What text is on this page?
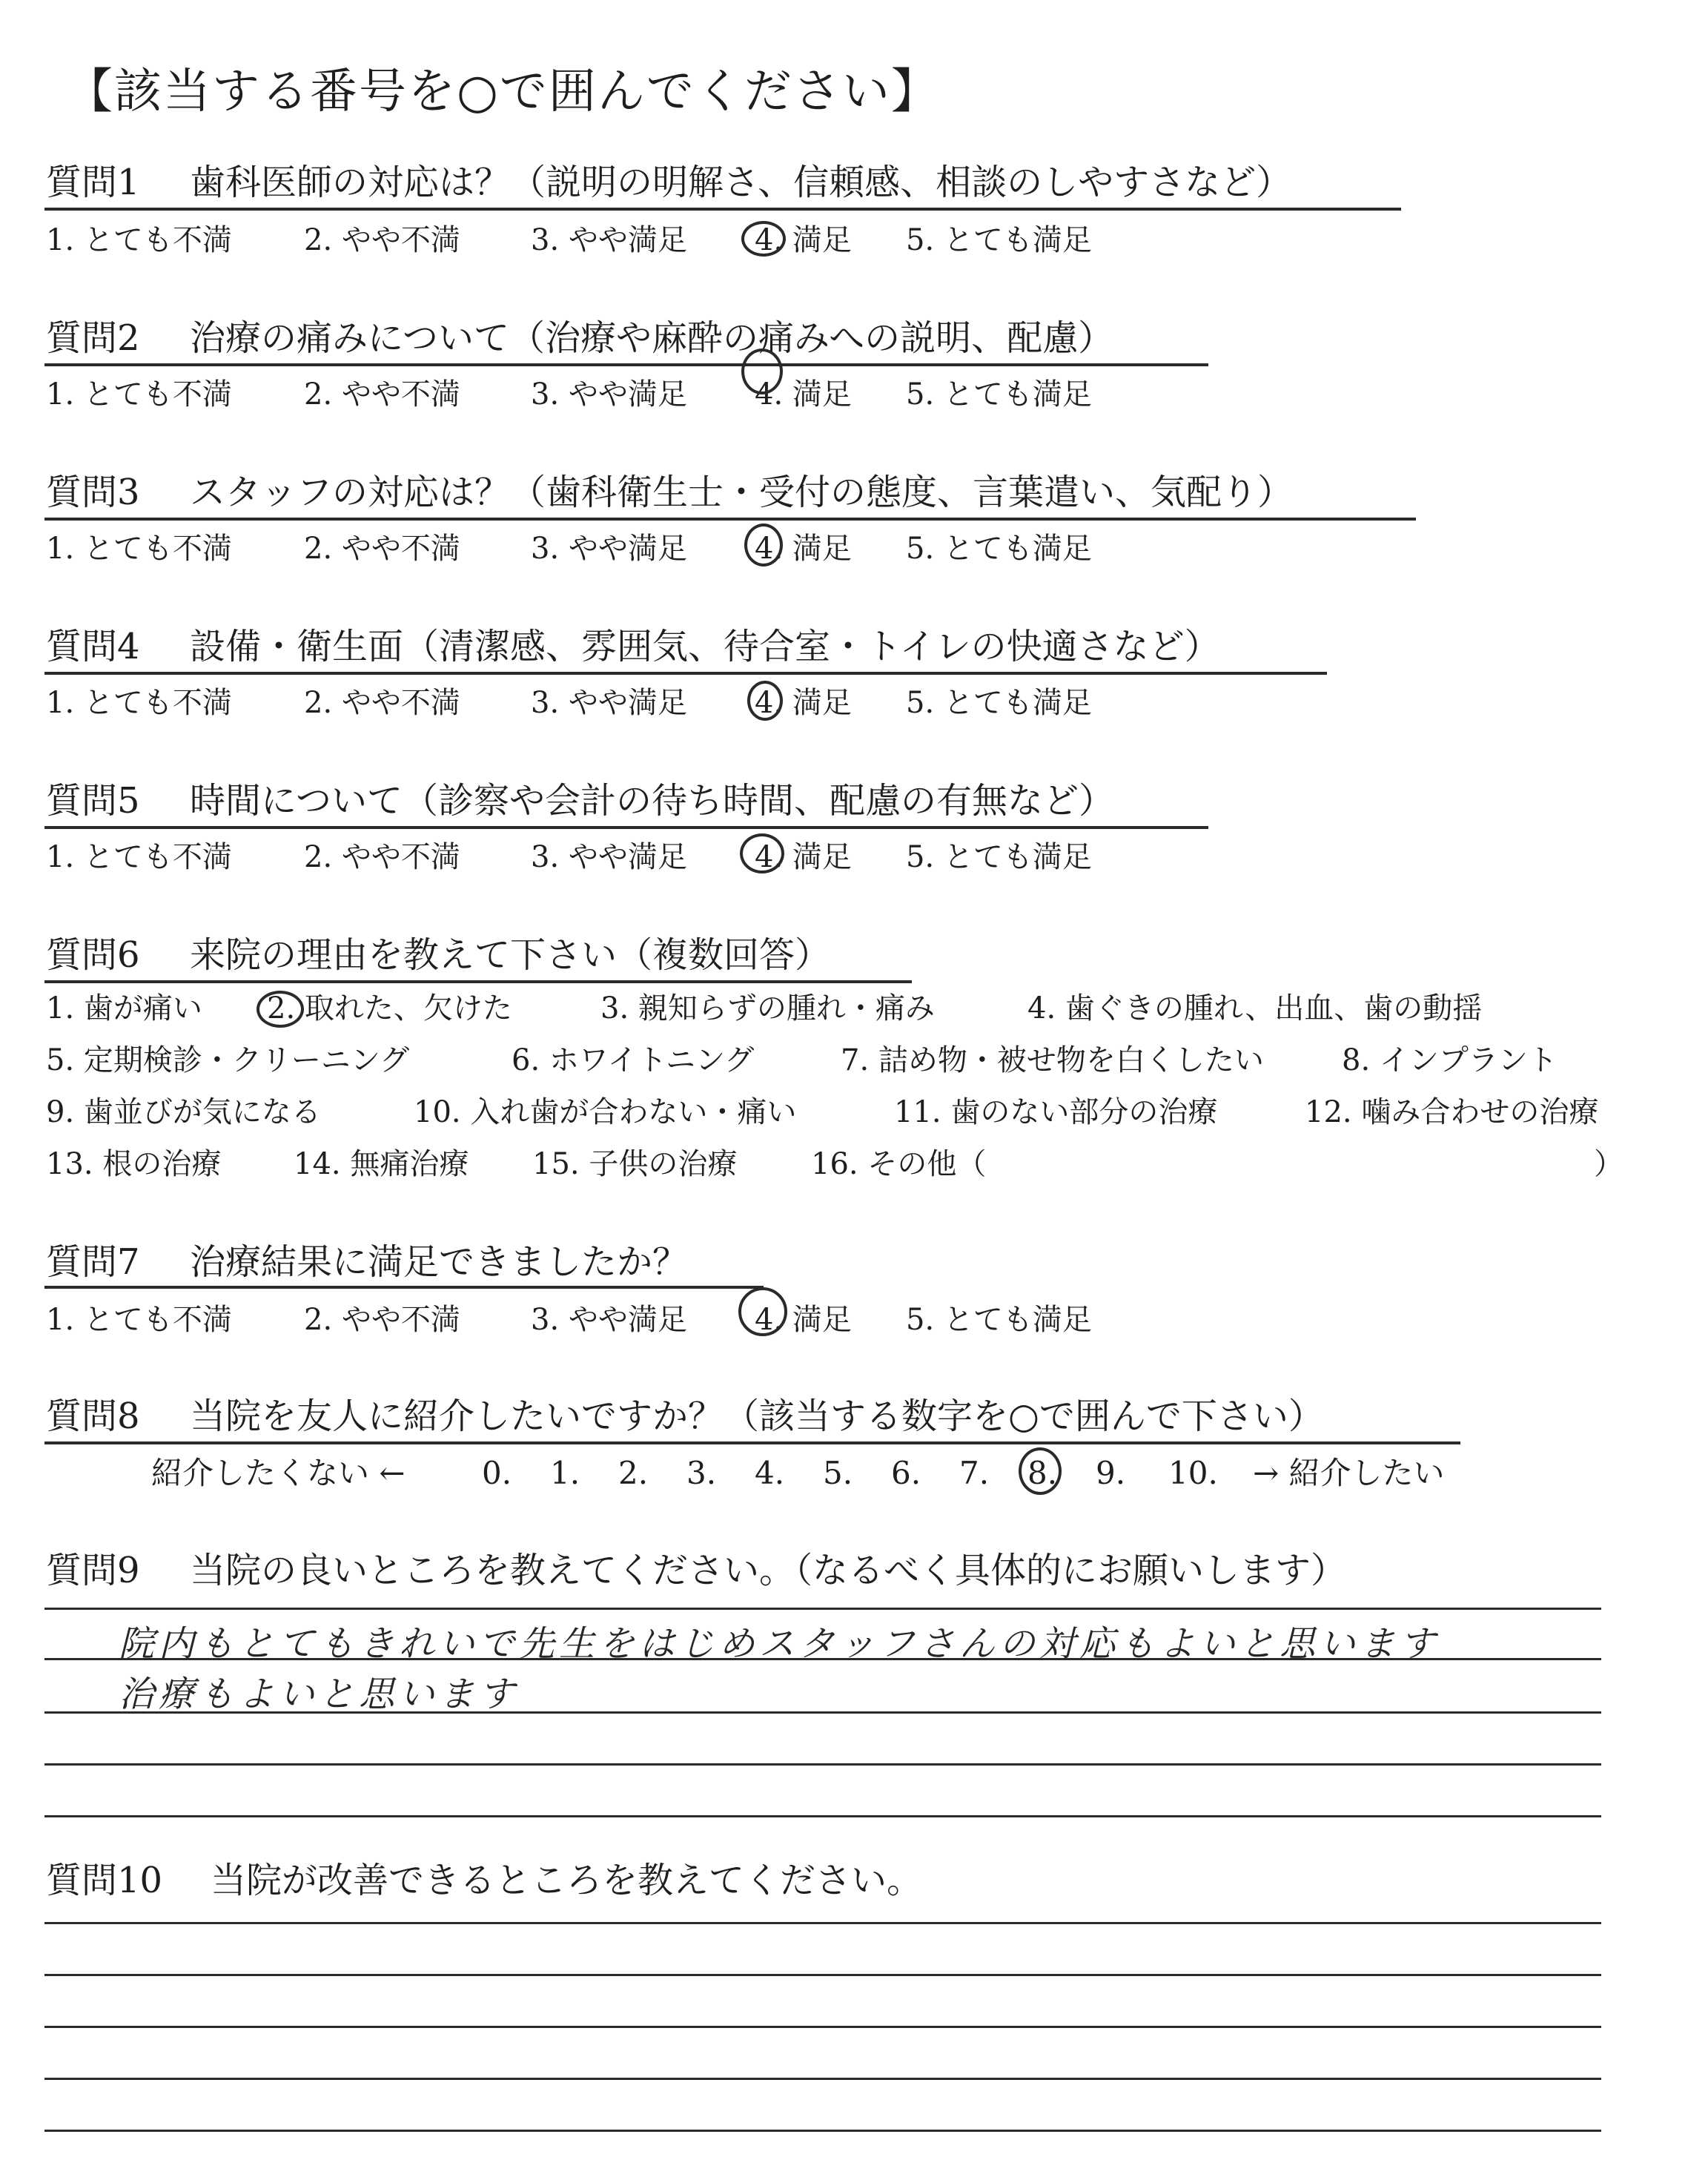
【該当する番号を○で囲んでください】
質問1 歯科医師の対応は？（説明の明解さ、信頼感、相談のしやすさなど）
1. とても不満 2. やや不満 3. やや満足 4. 満足 5. とても満足
質問2 治療の痛みについて（治療や麻酔の痛みへの説明、配慮）
1. とても不満 2. やや不満 3. やや満足 4. 満足 5. とても満足
質問3 スタッフの対応は？（歯科衛生士・受付の態度、言葉遣い、気配り）
1. とても不満 2. やや不満 3. やや満足 4. 満足 5. とても満足
質問4 設備・衛生面（清潔感、雰囲気、待合室・トイレの快適さなど）
1. とても不満 2. やや不満 3. やや満足 4. 満足 5. とても満足
質問5 時間について（診察や会計の待ち時間、配慮の有無など）
1. とても不満 2. やや不満 3. やや満足 4. 満足 5. とても満足
質問6 来院の理由を教えて下さい（複数回答）
1. 歯が痛い 2. 取れた、欠けた	3. 親知らずの腫れ・痛み	4. 歯ぐきの腫れ、出血、歯の動揺
5. 定期検診・クリーニング	6. ホワイトニング	7. 詰め物・被せ物を白くしたい	8. インプラント
9. 歯並びが気になる	10. 入れ歯が合わない・痛い	11. 歯のない部分の治療	12. 噛み合わせの治療
13. 根の治療 14. 無痛治療 15. 子供の治療 16. その他（	）
質問7 治療結果に満足できましたか？
1. とても不満 2. やや不満 3. やや満足 4. 満足 5. とても満足
質問8 当院を友人に紹介したいですか？（該当する数字を○で囲んで下さい）
紹介したくない ← 0. 1. 2. 3. 4. 5. 6. 7. 8. 9. 10. → 紹介したい
質問9 当院の良いところを教えてください。（なるべく具体的にお願いします）
院内もとてもきれいで先生をはじめスタッフさんの対応もよいと思います
治療もよいと思います
質問10 当院が改善できるところを教えてください。
